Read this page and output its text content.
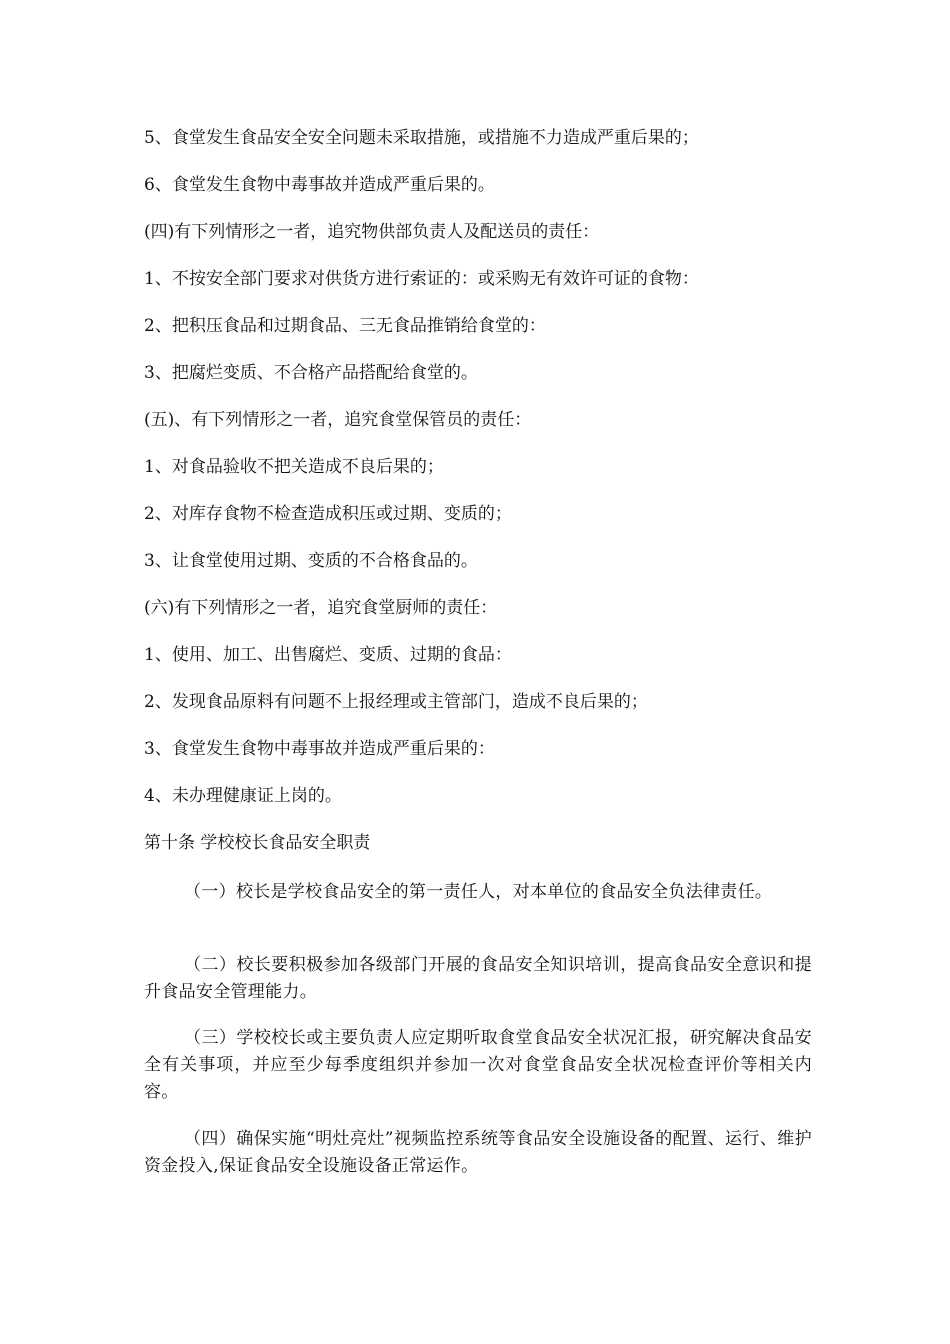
5、食堂发生食品安全安全问题未采取措施，或措施不力造成严重后果的；
6、食堂发生食物中毒事故并造成严重后果的。
(四)有下列情形之一者，追究物供部负责人及配送员的责任：
1、不按安全部门要求对供货方进行索证的：或采购无有效许可证的食物：
2、把积压食品和过期食品、三无食品推销给食堂的：
3、把腐烂变质、不合格产品搭配给食堂的。
(五)、有下列情形之一者，追究食堂保管员的责任：
1、对食品验收不把关造成不良后果的；
2、对库存食物不检查造成积压或过期、变质的；
3、让食堂使用过期、变质的不合格食品的。
(六)有下列情形之一者，追究食堂厨师的责任：
1、使用、加工、出售腐烂、变质、过期的食品：
2、发现食品原料有问题不上报经理或主管部门，造成不良后果的；
3、食堂发生食物中毒事故并造成严重后果的：
4、未办理健康证上岗的。
第十条 学校校长食品安全职责
（一）校长是学校食品安全的第一责任人，对本单位的食品安全负法律责任。
（二）校长要积极参加各级部门开展的食品安全知识培训，提高食品安全意识和提升食品安全管理能力。
（三）学校校长或主要负责人应定期听取食堂食品安全状况汇报，研究解决食品安全有关事项，并应至少每季度组织并参加一次对食堂食品安全状况检查评价等相关内容。
（四）确保实施“明灶亮灶”视频监控系统等食品安全设施设备的配置、运行、维护资金投入,保证食品安全设施设备正常运作。
